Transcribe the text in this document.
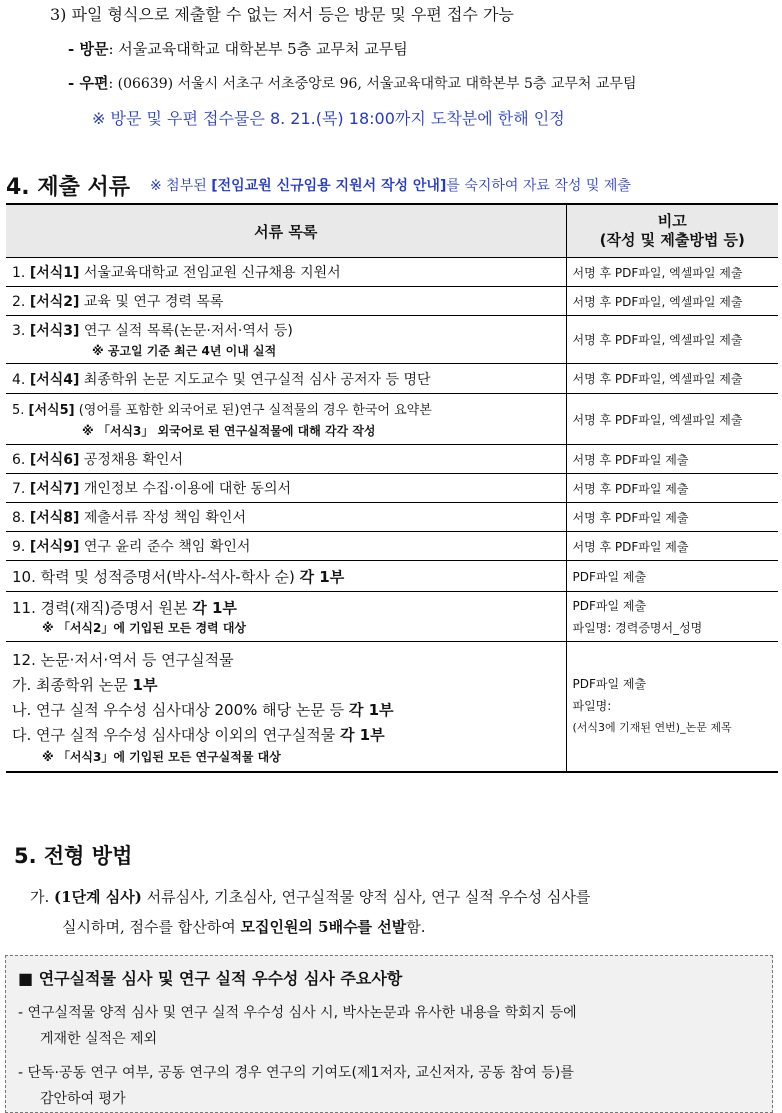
3) 파일 형식으로 제출할 수 없는 저서 등은 방문 및 우편 접수 가능
- 방문: 서울교육대학교 대학본부 5층 교무처 교무팀
- 우편: (06639) 서울시 서초구 서초중앙로 96, 서울교육대학교 대학본부 5층 교무처 교무팀
※ 방문 및 우편 접수물은 8. 21.(목) 18:00까지 도착분에 한해 인정
4. 제출 서류 ※ 첨부된 [전임교원 신규임용 지원서 작성 안내]를 숙지하여 자료 작성 및 제출
서류 목록	비고
(작성 및 제출방법 등)

1. [서식1] 서울교육대학교 전임교원 신규채용 지원서	서명 후 PDF파일, 엑셀파일 제출
2. [서식2] 교육 및 연구 경력 목록	서명 후 PDF파일, 엑셀파일 제출

3. [서식3] 연구 실적 목록(논문·저서·역서 등)
※ 공고일 기준 최근 4년 이내 실적	서명 후 PDF파일, 엑셀파일 제출
4. [서식4] 최종학위 논문 지도교수 및 연구실적 심사 공저자 등 명단	서명 후 PDF파일, 엑셀파일 제출

5. [서식5] (영어를 포함한 외국어로 된)연구 실적물의 경우 한국어 요약본
※ 「서식3」 외국어로 된 연구실적물에 대해 각각 작성	서명 후 PDF파일, 엑셀파일 제출
6. [서식6] 공정채용 확인서	서명 후 PDF파일 제출
7. [서식7] 개인정보 수집·이용에 대한 동의서	서명 후 PDF파일 제출
8. [서식8] 제출서류 작성 책임 확인서	서명 후 PDF파일 제출
9. [서식9] 연구 윤리 준수 책임 확인서	서명 후 PDF파일 제출
10. 학력 및 성적증명서(박사-석사-학사 순) 각 1부	PDF파일 제출

11. 경력(재직)증명서 원본 각 1부
※ 「서식2」에 기입된 모든 경력 대상	PDF파일 제출
파일명: 경력증명서_성명

12. 논문·저서·역서 등 연구실적물
가. 최종학위 논문 1부
나. 연구 실적 우수성 심사대상 200% 해당 논문 등 각 1부
다. 연구 실적 우수성 심사대상 이외의 연구실적물 각 1부
※ 「서식3」에 기입된 모든 연구실적물 대상	PDF파일 제출
파일명:
(서식3에 기재된 연번)_논문 제목
5. 전형 방법
가. (1단계 심사) 서류심사, 기초심사, 연구실적물 양적 심사, 연구 실적 우수성 심사를
실시하며, 점수를 합산하여 모집인원의 5배수를 선발함.
■ 연구실적물 심사 및 연구 실적 우수성 심사 주요사항
- 연구실적물 양적 심사 및 연구 실적 우수성 심사 시, 박사논문과 유사한 내용을 학회지 등에
게재한 실적은 제외
- 단독·공동 연구 여부, 공동 연구의 경우 연구의 기여도(제1저자, 교신저자, 공동 참여 등)를
감안하여 평가
